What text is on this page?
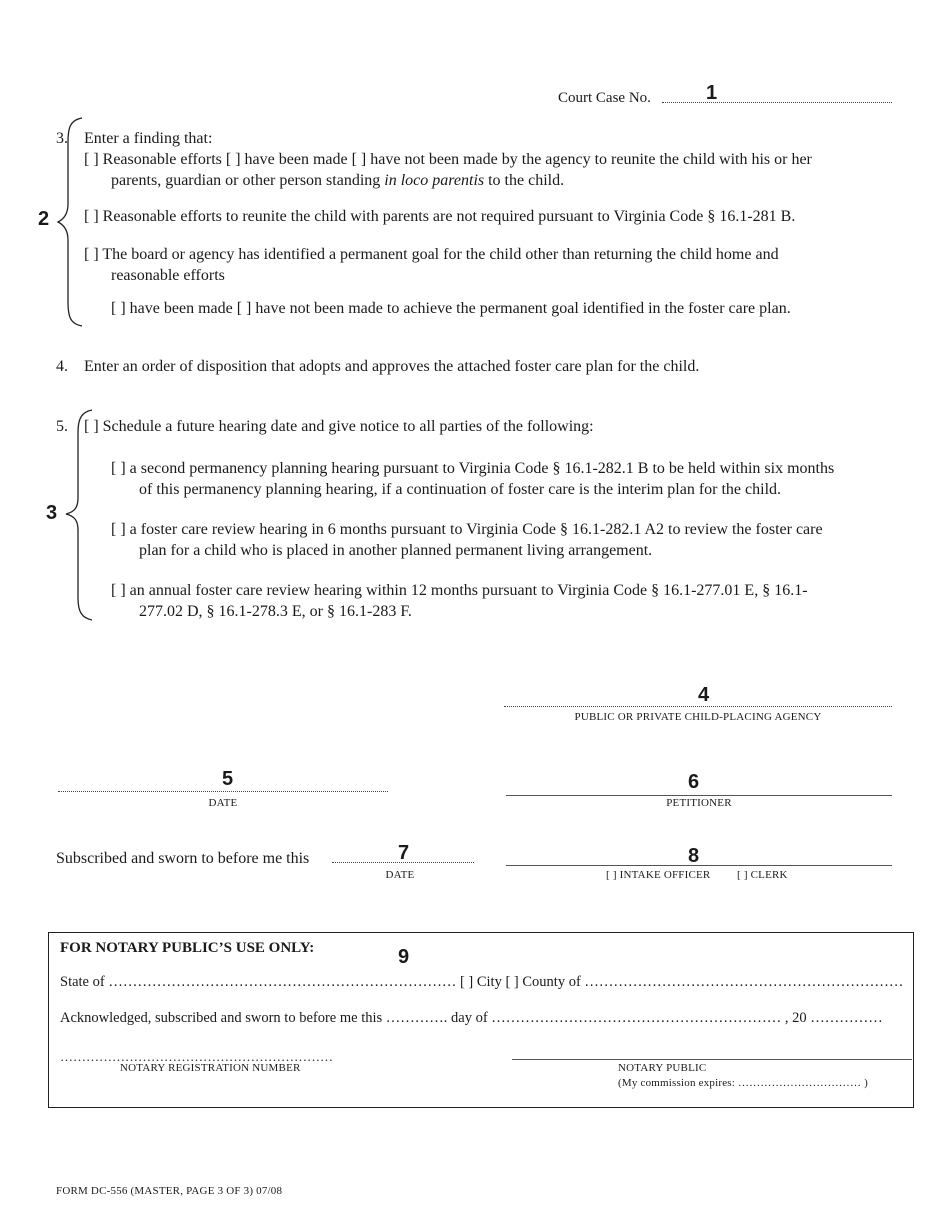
Court Case No.	1
2
3. Enter a finding that:
[ ] Reasonable efforts [ ] have been made [ ] have not been made by the agency to reunite the child with his or her
parents, guardian or other person standing in loco parentis to the child.
[ ] Reasonable efforts to reunite the child with parents are not required pursuant to Virginia Code § 16.1-281 B.
[ ] The board or agency has identified a permanent goal for the child other than returning the child home and
reasonable efforts
[ ] have been made [ ] have not been made to achieve the permanent goal identified in the foster care plan.
4. Enter an order of disposition that adopts and approves the attached foster care plan for the child.
3
5. [ ] Schedule a future hearing date and give notice to all parties of the following:
[ ] a second permanency planning hearing pursuant to Virginia Code § 16.1-282.1 B to be held within six months
of this permanency planning hearing, if a continuation of foster care is the interim plan for the child.
[ ] a foster care review hearing in 6 months pursuant to Virginia Code § 16.1-282.1 A2 to review the foster care
plan for a child who is placed in another planned permanent living arrangement.
[ ] an annual foster care review hearing within 12 months pursuant to Virginia Code § 16.1-277.01 E, § 16.1-
277.02 D, § 16.1-278.3 E, or § 16.1-283 F.
4
PUBLIC OR PRIVATE CHILD-PLACING AGENCY
5
DATE
6
PETITIONER
Subscribed and sworn to before me this	7
DATE
8
[ ] INTAKE OFFICER [ ] CLERK
FOR NOTARY PUBLIC’S USE ONLY:	9
State of ……………………………………………………………… [ ] City [ ] County of …………………………………………………………
Acknowledged, subscribed and sworn to before me this …………. day of …………………………………………………… , 20 ……………
………………………………………………………
NOTARY REGISTRATION NUMBER	NOTARY PUBLIC
(My commission expires: …………………………… )
FORM DC-556 (MASTER, PAGE 3 OF 3) 07/08
